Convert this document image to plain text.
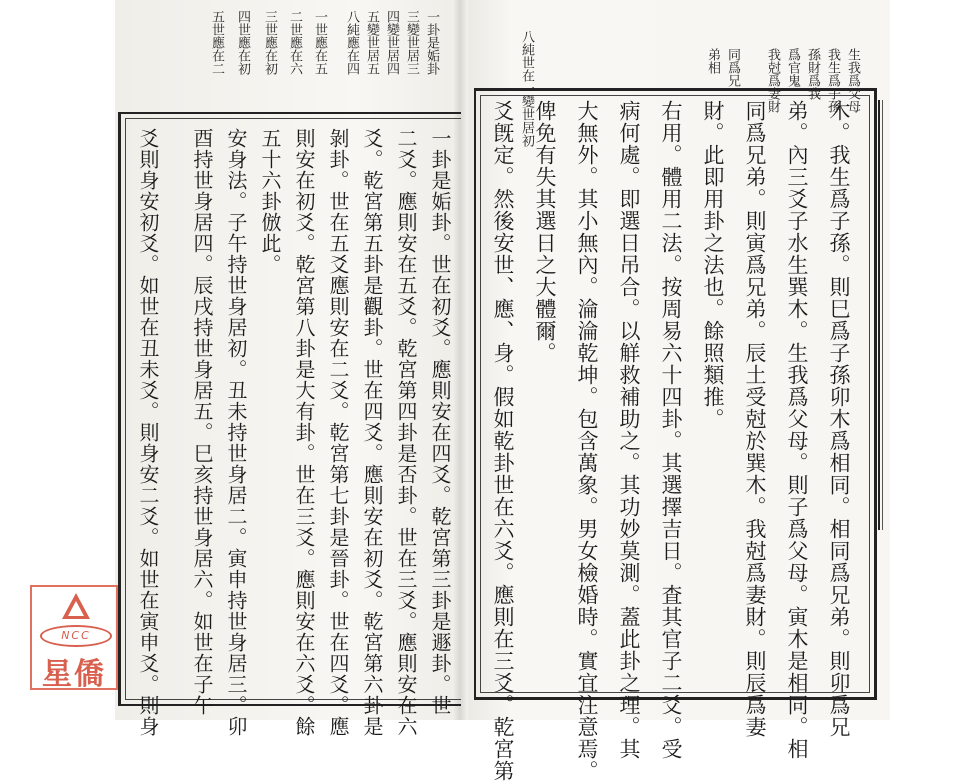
一卦是姤卦
三變世居三
四變世居四
五變世居五
八純應在四
一世應在五
二世應在六
三世應在初
四世應在初
五世應在二
一卦是姤卦。世在初爻。應則安在四爻。乾宮第三卦是遯卦。世
二爻。應則安在五爻。乾宮第四卦是否卦。世在三爻。應則安在六
爻。乾宮第五卦是觀卦。世在四爻。應則安在初爻。乾宮第六卦是
剝卦。世在五爻應則安在二爻。乾宮第七卦是晉卦。世在四爻。應
則安在初爻。乾宮第八卦是大有卦。世在三爻。應則安在六爻。餘
五十六卦倣此。
安身法。子午持世身居初。丑未持世身居二。寅申持世身居三。卯
酉持世身居四。辰戌持世身居五。巳亥持世身居六。如世在子午
爻則身安初爻。如世在丑未爻。則身安二爻。如世在寅申爻。則身
生我爲父母
我生爲子孫
孫財爲我
爲官鬼
我尅爲妻財
同爲兄
弟相
八純世在一變世居初
木。我生爲子孫。則巳爲子孫卯木爲相同。相同爲兄弟。則卯爲兄
弟。內三爻子水生巽木。生我爲父母。則子爲父母。寅木是相同。相
同爲兄弟。則寅爲兄弟。辰土受尅於巽木。我尅爲妻財。則辰爲妻
財。此即用卦之法也。餘照類推。
右用。體用二法。按周易六十四卦。其選擇吉日。査其官子二爻。受
病何處。即選日吊合。以觧救補助之。其功妙莫測。蓋此卦之理。其
大無外。其小無內。淪淪乾坤。包含萬象。男女檢婚時。實宜注意焉。
俾免有失其選日之大體爾。
爻旣定。然後安世、應、身。假如乾卦世在六爻。應則在三爻。乾宮第
NCC
星僑
